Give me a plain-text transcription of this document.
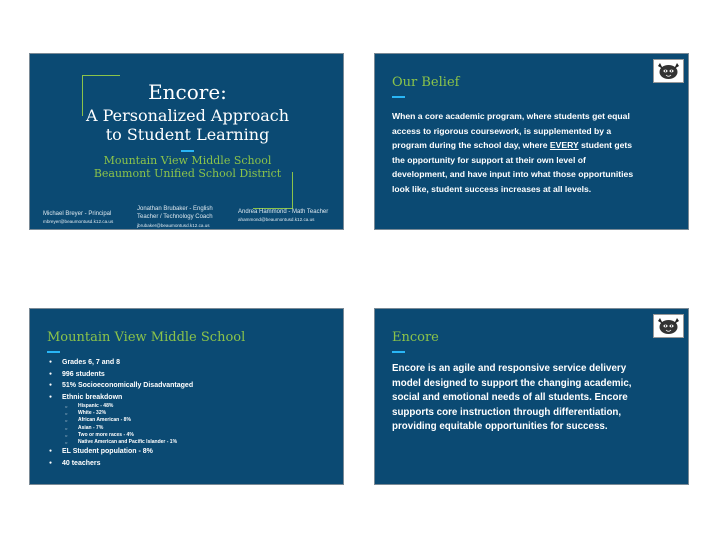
Encore:
A Personalized Approach
to Student Learning
Mountain View Middle School
Beaumont Unified School District
Michael Breyer - Principal
mbreyer@beaumontusd.k12.ca.us
Jonathan Brubaker - English
Teacher / Technology Coach
jbrubaker@beaumontusd.k12.ca.us
Andrea Hammond - Math Teacher
ahammond@beaumontusd.k12.ca.us
Our Belief
When a core academic program, where students get equal
access to rigorous coursework, is supplemented by a
program during the school day, where EVERY student gets
the opportunity for support at their own level of
development, and have input into what those opportunities
look like, student success increases at all levels.
Mountain View Middle School
● Grades 6, 7 and 8
● 996 students
● 51% Socioeconomically Disadvantaged
● Ethnic breakdown
○ Hispanic - 48%
○ White - 32%
○ African American - 8%
○ Asian - 7%
○ Two or more races - 4%
○ Native American and Pacific Islander - 1%
● EL Student population - 8%
● 40 teachers
Encore
Encore is an agile and responsive service delivery
model designed to support the changing academic,
social and emotional needs of all students. Encore
supports core instruction through differentiation,
providing equitable opportunities for success.
